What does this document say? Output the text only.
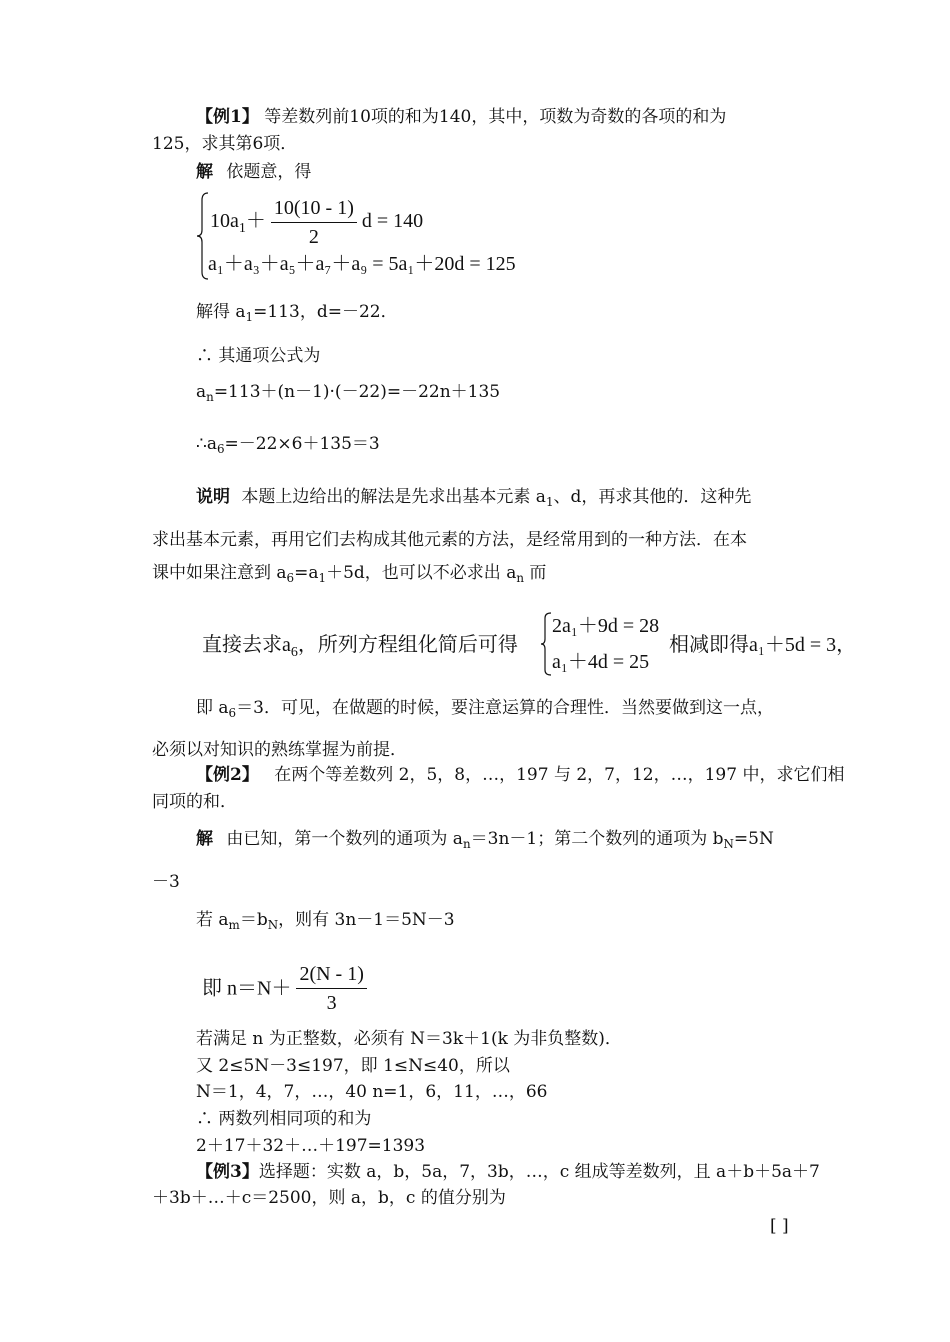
【例1】 等差数列前10项的和为140，其中，项数为奇数的各项的和为
125，求其第6项．
解 依题意，得
$10a_1+ \frac{10(10 - 1)}{2}$ d = 140
a₁＋a₃＋a₅＋a₇＋a₉ = 5a₁＋20d = 125
解得 $a_1=113$，d=－22．
∴ 其通项公式为
$a_n=113+(n-1)\cdot(-22)=-22n+135$
$\therefore a_6=-22\times 6+135=3$
说明 本题上边给出的解法是先求出基本元素 $a_1$、d，再求其他的．这种先
求出基本元素，再用它们去构成其他元素的方法，是经常用到的一种方法．在本
课中如果注意到 $a_6=a_1+5d$，也可以不必求出 $a_n$ 而
直接去求$a_6$，所列方程组化简后可得
2a₁＋9d = 28
a₁＋4d = 25
相减即得a₁＋5d = 3，
即 $a_6=3$．可见，在做题的时候，要注意运算的合理性．当然要做到这一点，
必须以对知识的熟练掌握为前提．
【例2】 在两个等差数列 2，5，8，…，197 与 2，7，12，…，197 中，求它们相
同项的和．
解 由已知，第一个数列的通项为 $a_n=3n-1$；第二个数列的通项为 $b_N=5N$
－3
若 $a_m=b_N$，则有 3n－1＝5N－3
即 $n=N+ \frac{2(N - 1)}{3}$
若满足 n 为正整数，必须有 N＝3k＋1(k 为非负整数)．
又 2≤5N－3≤197，即 1≤N≤40，所以
N＝1，4，7，…，40 n=1，6，11，…，66
∴ 两数列相同项的和为
2＋17＋32＋…＋197=1393
【例3】选择题：实数 a，b，5a，7，3b，…，c 组成等差数列，且 a＋b＋5a＋7
＋3b＋…＋c＝2500，则 a，b，c 的值分别为
[ ]
